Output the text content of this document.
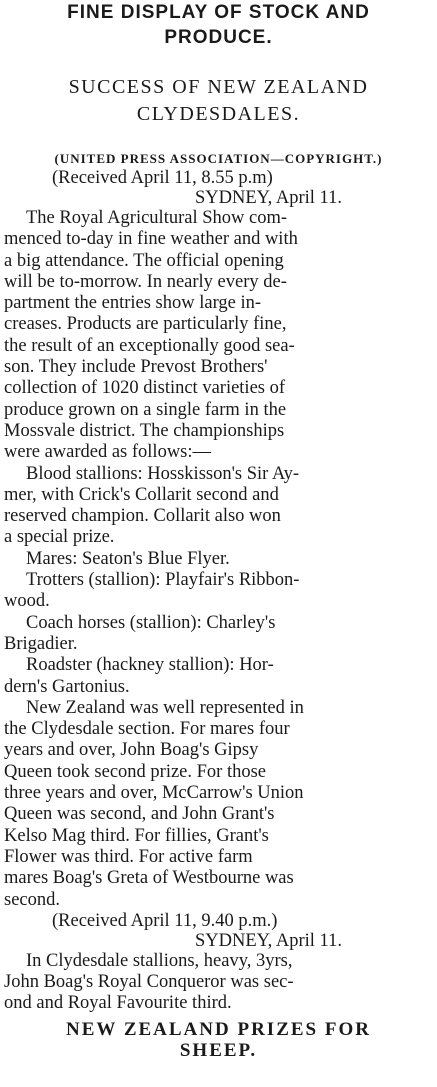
FINE DISPLAY OF STOCK AND
PRODUCE.
SUCCESS OF NEW ZEALAND
CLYDESDALES.

(UNITED PRESS ASSOCIATION—COPYRIGHT.)

(Received April 11, 8.55 p.m)

SYDNEY, April 11.

The Royal Agricultural Show com-
menced to-day in fine weather and with
a big attendance. The official opening
will be to-morrow. In nearly every de-
partment the entries show large in-
creases. Products are particularly fine,
the result of an exceptionally good sea-
son. They include Prevost Brothers'
collection of 1020 distinct varieties of
produce grown on a single farm in the
Mossvale district. The championships
were awarded as follows:—
Blood stallions: Hosskisson's Sir Ay-
mer, with Crick's Collarit second and
reserved champion. Collarit also won
a special prize.
Mares: Seaton's Blue Flyer.
Trotters (stallion): Playfair's Ribbon-
wood.
Coach horses (stallion): Charley's
Brigadier.
Roadster (hackney stallion): Hor-
dern's Gartonius.
New Zealand was well represented in
the Clydesdale section. For mares four
years and over, John Boag's Gipsy
Queen took second prize. For those
three years and over, McCarrow's Union
Queen was second, and John Grant's
Kelso Mag third. For fillies, Grant's
Flower was third. For active farm
mares Boag's Greta of Westbourne was
second.

(Received April 11, 9.40 p.m.)

SYDNEY, April 11.

In Clydesdale stallions, heavy, 3yrs,
John Boag's Royal Conqueror was sec-
ond and Royal Favourite third.
NEW ZEALAND PRIZES FOR
SHEEP.
